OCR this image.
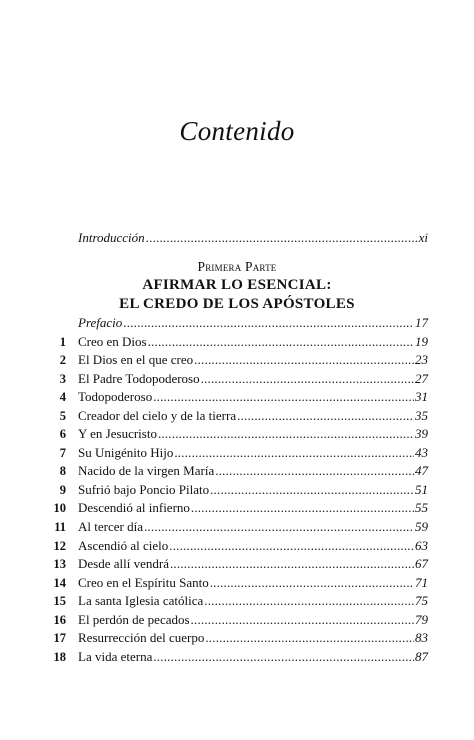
Contenido
Introducción .....	xi
Primera Parte
AFIRMAR LO ESENCIAL:
EL CREDO DE LOS APÓSTOLES
Prefacio .....	17
1 Creo en Dios .....	19
2 El Dios en el que creo .....	23
3 El Padre Todopoderoso .....	27
4 Todopoderoso .....	31
5 Creador del cielo y de la tierra .....	35
6 Y en Jesucristo .....	39
7 Su Unigénito Hijo .....	43
8 Nacido de la virgen María .....	47
9 Sufrió bajo Poncio Pilato .....	51
10 Descendió al infierno .....	55
11 Al tercer día .....	59
12 Ascendió al cielo .....	63
13 Desde allí vendrá .....	67
14 Creo en el Espíritu Santo .....	71
15 La santa Iglesia católica .....	75
16 El perdón de pecados .....	79
17 Resurrección del cuerpo .....	83
18 La vida eterna .....	87
